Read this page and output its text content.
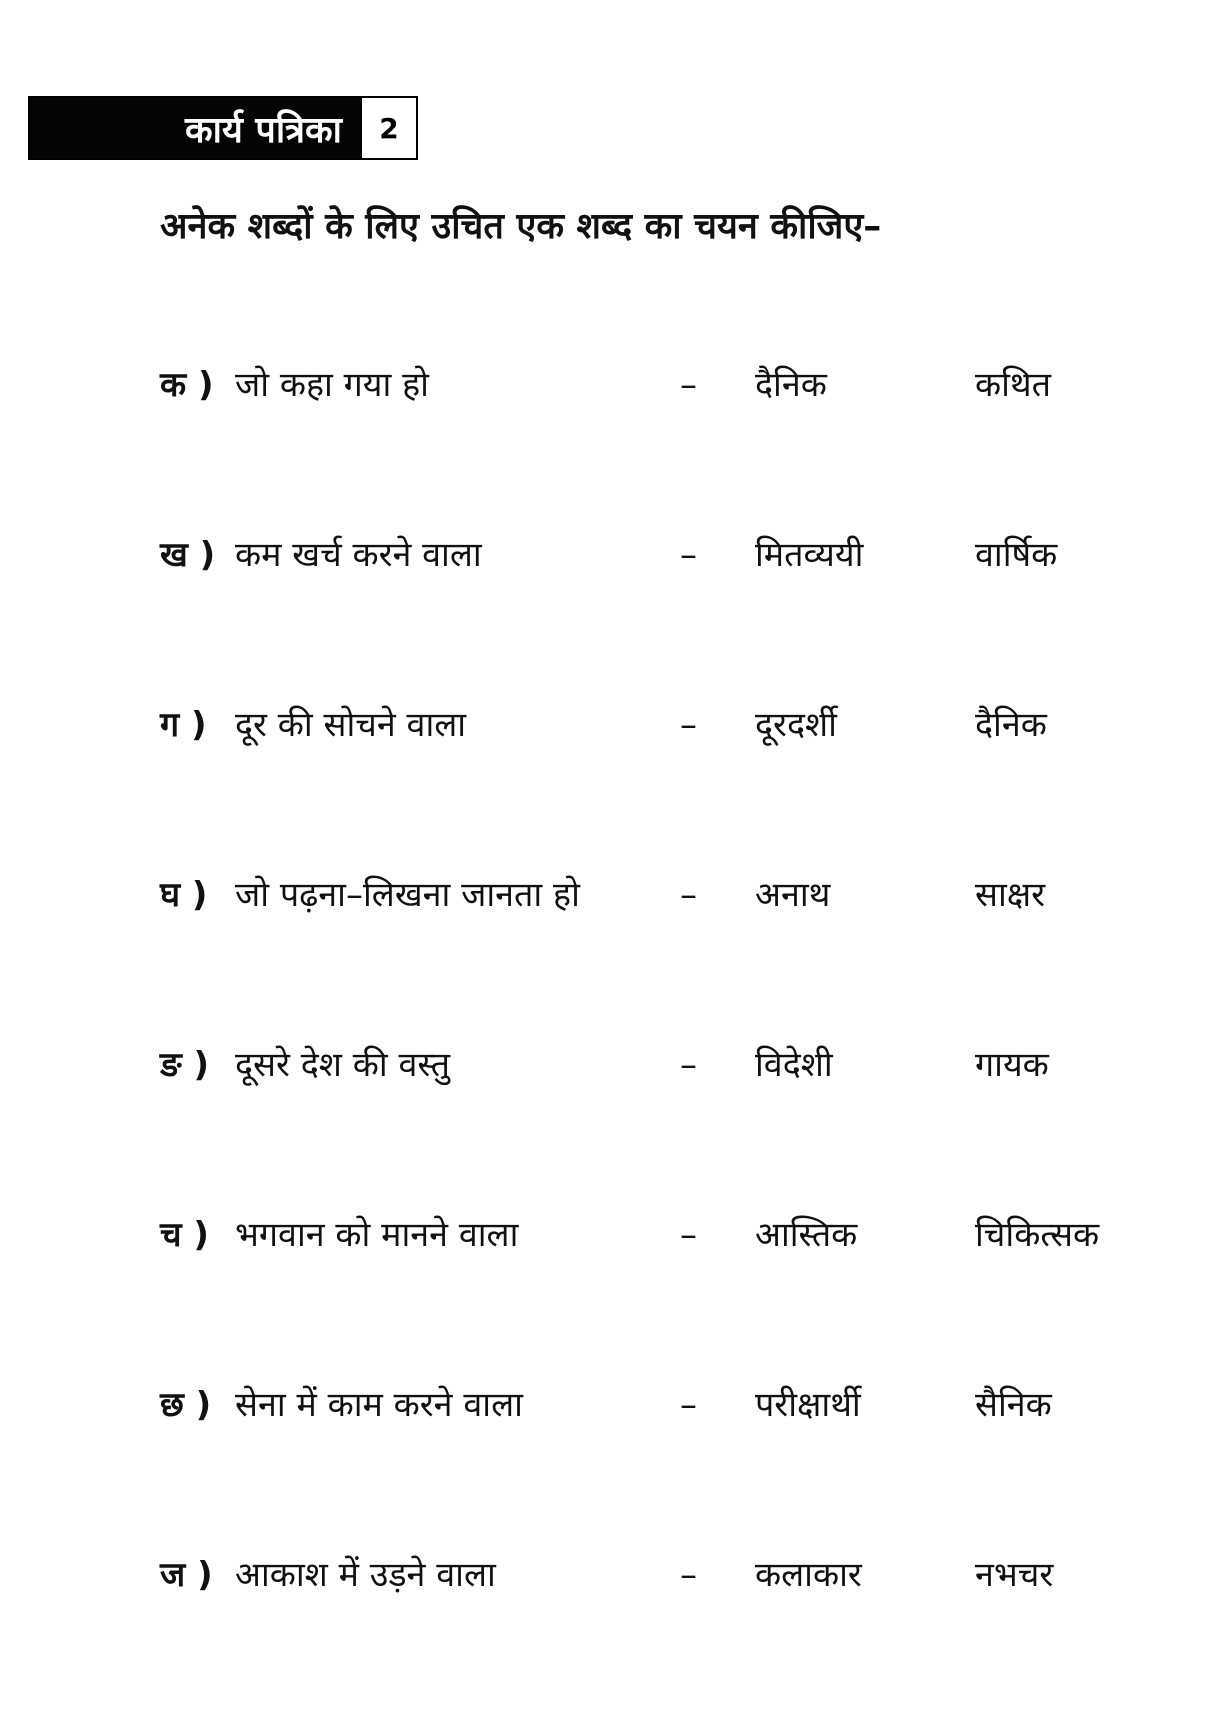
कार्य पत्रिका	2
अनेक शब्दों के लिए उचित एक शब्द का चयन कीजिए–
क ) जो कहा गया हो	– दैनिक	कथित
ख ) कम खर्च करने वाला	– मितव्ययी	वार्षिक
ग ) दूर की सोचने वाला	– दूरदर्शी	दैनिक
घ ) जो पढ़ना–लिखना जानता हो	– अनाथ	साक्षर
ङ ) दूसरे देश की वस्तु	– विदेशी	गायक
च ) भगवान को मानने वाला	– आस्तिक	चिकित्सक
छ ) सेना में काम करने वाला	– परीक्षार्थी	सैनिक
ज ) आकाश में उड़ने वाला	– कलाकार	नभचर
